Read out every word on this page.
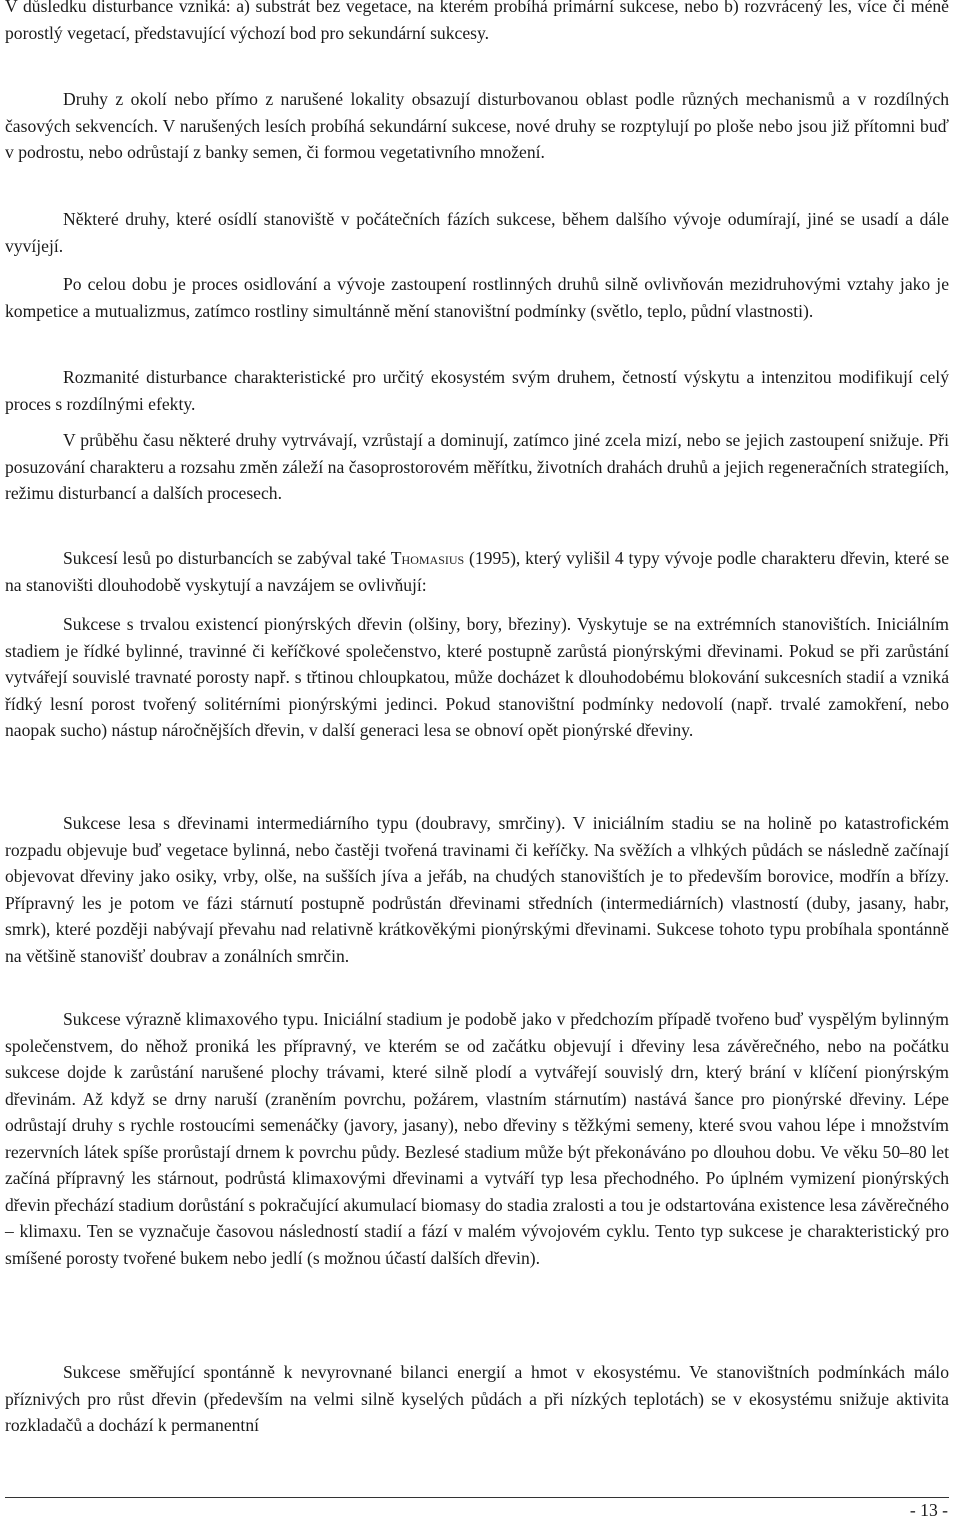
V důsledku disturbance vzniká: a) substrát bez vegetace, na kterém probíhá primární sukcese, nebo b) rozvrácený les, více či méně porostlý vegetací, představující výchozí bod pro sekundární sukcesy.

Druhy z okolí nebo přímo z narušené lokality obsazují disturbovanou oblast podle různých mechanismů a v rozdílných časových sekvencích. V narušených lesích probíhá sekundární sukcese, nové druhy se rozptylují po ploše nebo jsou již přítomni buď v podrostu, nebo odrůstají z banky semen, či formou vegetativního množení.

Některé druhy, které osídlí stanoviště v počátečních fázích sukcese, během dalšího vývoje odumírají, jiné se usadí a dále vyvíjejí.

Po celou dobu je proces osidlování a vývoje zastoupení rostlinných druhů silně ovlivňován mezidruhovými vztahy jako je kompetice a mutualizmus, zatímco rostliny simultánně mění stanovištní podmínky (světlo, teplo, půdní vlastnosti).

Rozmanité disturbance charakteristické pro určitý ekosystém svým druhem, četností výskytu a intenzitou modifikují celý proces s rozdílnými efekty.

V průběhu času některé druhy vytrvávají, vzrůstají a dominují, zatímco jiné zcela mizí, nebo se jejich zastoupení snižuje. Při posuzování charakteru a rozsahu změn záleží na časoprostorovém měřítku, životních drahách druhů a jejich regeneračních strategiích, režimu disturbancí a dalších procesech.

Sukcesí lesů po disturbancích se zabýval také Thomasius (1995), který vylišil 4 typy vývoje podle charakteru dřevin, které se na stanovišti dlouhodobě vyskytují a navzájem se ovlivňují:

Sukcese s trvalou existencí pionýrských dřevin (olšiny, bory, březiny). Vyskytuje se na extrémních stanovištích. Iniciálním stadiem je řídké bylinné, travinné či keříčkové společenstvo, které postupně zarůstá pionýrskými dřevinami. Pokud se při zarůstání vytvářejí souvislé travnaté porosty např. s třtinou chloupkatou, může docházet k dlouhodobému blokování sukcesních stadií a vzniká řídký lesní porost tvořený solitérními pionýrskými jedinci. Pokud stanovištní podmínky nedovolí (např. trvalé zamokření, nebo naopak sucho) nástup náročnějších dřevin, v další generaci lesa se obnoví opět pionýrské dřeviny.

Sukcese lesa s dřevinami intermediárního typu (doubravy, smrčiny). V iniciálním stadiu se na holině po katastrofickém rozpadu objevuje buď vegetace bylinná, nebo častěji tvořená travinami či keříčky. Na svěžích a vlhkých půdách se následně začínají objevovat dřeviny jako osiky, vrby, olše, na sušších jíva a jeřáb, na chudých stanovištích je to především borovice, modřín a břízy. Přípravný les je potom ve fázi stárnutí postupně podrůstán dřevinami středních (intermediárních) vlastností (duby, jasany, habr, smrk), které později nabývají převahu nad relativně krátkověkými pionýrskými dřevinami. Sukcese tohoto typu probíhala spontánně na většině stanovišť doubrav a zonálních smrčin.

Sukcese výrazně klimaxového typu. Iniciální stadium je podobě jako v předchozím případě tvořeno buď vyspělým bylinným společenstvem, do něhož proniká les přípravný, ve kterém se od začátku objevují i dřeviny lesa závěrečného, nebo na počátku sukcese dojde k zarůstání narušené plochy trávami, které silně plodí a vytvářejí souvislý drn, který brání v klíčení pionýrským dřevinám. Až když se drny naruší (zraněním povrchu, požárem, vlastním stárnutím) nastává šance pro pionýrské dřeviny. Lépe odrůstají druhy s rychle rostoucími semenáčky (javory, jasany), nebo dřeviny s těžkými semeny, které svou vahou lépe i množstvím rezervních látek spíše prorůstají drnem k povrchu půdy. Bezlesé stadium může být překonáváno po dlouhou dobu. Ve věku 50–80 let začíná přípravný les stárnout, podrůstá klimaxovými dřevinami a vytváří typ lesa přechodného. Po úplném vymizení pionýrských dřevin přechází stadium dorůstání s pokračující akumulací biomasy do stadia zralosti a tou je odstartována existence lesa závěrečného – klimaxu. Ten se vyznačuje časovou následností stadií a fází v malém vývojovém cyklu. Tento typ sukcese je charakteristický pro smíšené porosty tvořené bukem nebo jedlí (s možnou účastí dalších dřevin).

Sukcese směřující spontánně k nevyrovnané bilanci energií a hmot v ekosystému. Ve stanovištních podmínkách málo příznivých pro růst dřevin (především na velmi silně kyselých půdách a při nízkých teplotách) se v ekosystému snižuje aktivita rozkladačů a dochází k permanentní

- 13 -
